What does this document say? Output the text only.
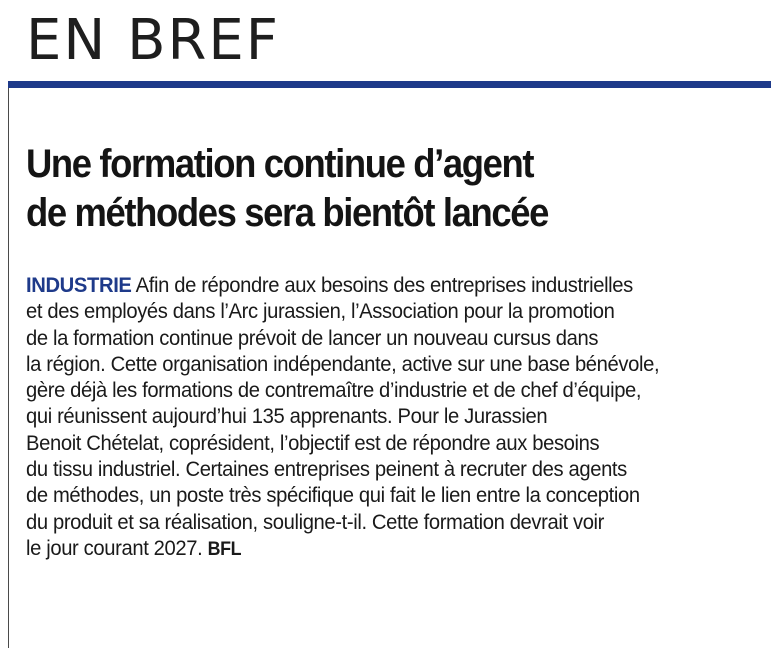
EN BREF
Une formation continue d’agent
de méthodes sera bientôt lancée
INDUSTRIE Afin de répondre aux besoins des entreprises industrielles
et des employés dans l’Arc jurassien, l’Association pour la promotion
de la formation continue prévoit de lancer un nouveau cursus dans
la région. Cette organisation indépendante, active sur une base bénévole,
gère déjà les formations de contremaître d’industrie et de chef d’équipe,
qui réunissent aujourd’hui 135 apprenants. Pour le Jurassien
Benoit Chételat, coprésident, l’objectif est de répondre aux besoins
du tissu industriel. Certaines entreprises peinent à recruter des agents
de méthodes, un poste très spécifique qui fait le lien entre la conception
du produit et sa réalisation, souligne-t-il. Cette formation devrait voir
le jour courant 2027. BFL
